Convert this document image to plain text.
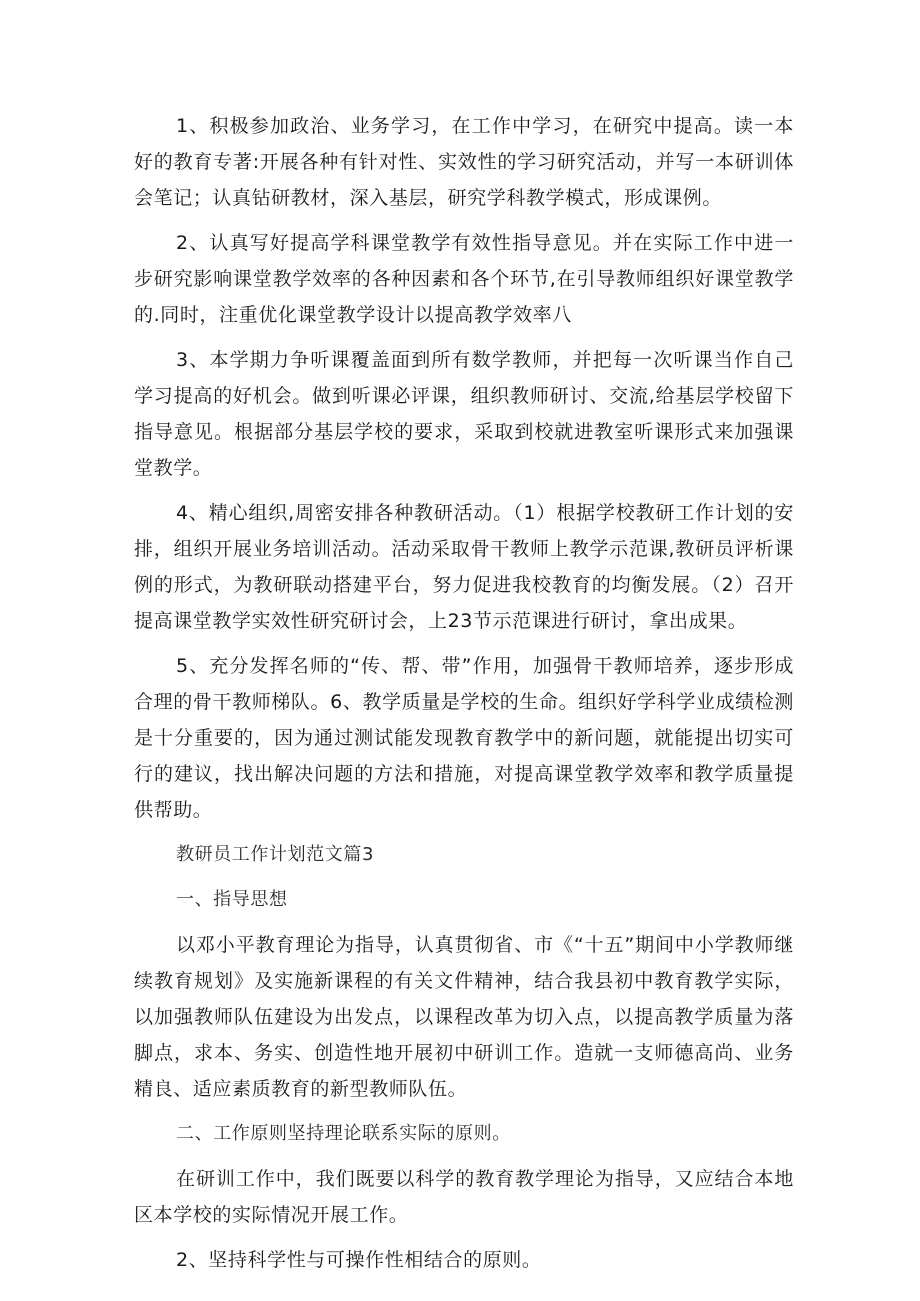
1、积极参加政治、业务学习，在工作中学习，在研究中提高。读一本好的教育专著:开展各种有针对性、实效性的学习研究活动，并写一本研训体会笔记；认真钻研教材，深入基层，研究学科教学模式，形成课例。

2、认真写好提高学科课堂教学有效性指导意见。并在实际工作中进一步研究影响课堂教学效率的各种因素和各个环节,在引导教师组织好课堂教学的.同时，注重优化课堂教学设计以提高教学效率八

3、本学期力争听课覆盖面到所有数学教师，并把每一次听课当作自己学习提高的好机会。做到听课必评课，组织教师研讨、交流,给基层学校留下指导意见。根据部分基层学校的要求，采取到校就进教室听课形式来加强课堂教学。

4、精心组织,周密安排各种教研活动。（1）根据学校教研工作计划的安排，组织开展业务培训活动。活动采取骨干教师上教学示范课,教研员评析课例的形式，为教研联动搭建平台，努力促进我校教育的均衡发展。（2）召开提高课堂教学实效性研究研讨会，上23节示范课进行研讨，拿出成果。

5、充分发挥名师的“传、帮、带”作用，加强骨干教师培养，逐步形成合理的骨干教师梯队。6、教学质量是学校的生命。组织好学科学业成绩检测是十分重要的，因为通过测试能发现教育教学中的新问题，就能提出切实可行的建议，找出解决问题的方法和措施，对提高课堂教学效率和教学质量提供帮助。

教研员工作计划范文篇3

一、指导思想

以邓小平教育理论为指导，认真贯彻省、市《“十五”期间中小学教师继续教育规划》及实施新课程的有关文件精神，结合我县初中教育教学实际，以加强教师队伍建设为出发点，以课程改革为切入点，以提高教学质量为落脚点，求本、务实、创造性地开展初中研训工作。造就一支师德高尚、业务精良、适应素质教育的新型教师队伍。

二、工作原则坚持理论联系实际的原则。

在研训工作中，我们既要以科学的教育教学理论为指导，又应结合本地区本学校的实际情况开展工作。

2、坚持科学性与可操作性相结合的原则。
